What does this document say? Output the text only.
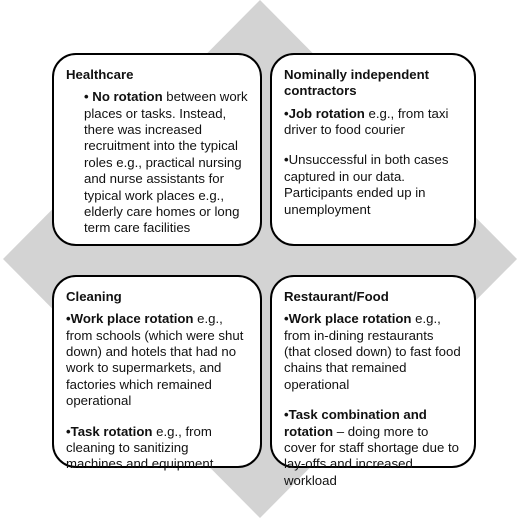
Healthcare

• No rotation between work places or tasks. Instead, there was increased recruitment into the typical roles e.g., practical nursing and nurse assistants for typical work places e.g., elderly care homes or long term care facilities

Nominally independent contractors

•Job rotation e.g., from taxi driver to food courier

•Unsuccessful in both cases captured in our data. Participants ended up in unemployment

Cleaning

•Work place rotation e.g., from schools (which were shut down) and hotels that had no work to supermarkets, and factories which remained operational

•Task rotation e.g., from cleaning to sanitizing machines and equipment

Restaurant/Food

•Work place rotation e.g., from in-dining restaurants (that closed down) to fast food chains that remained operational

•Task combination and rotation – doing more to cover for staff shortage due to lay-offs and increased workload
